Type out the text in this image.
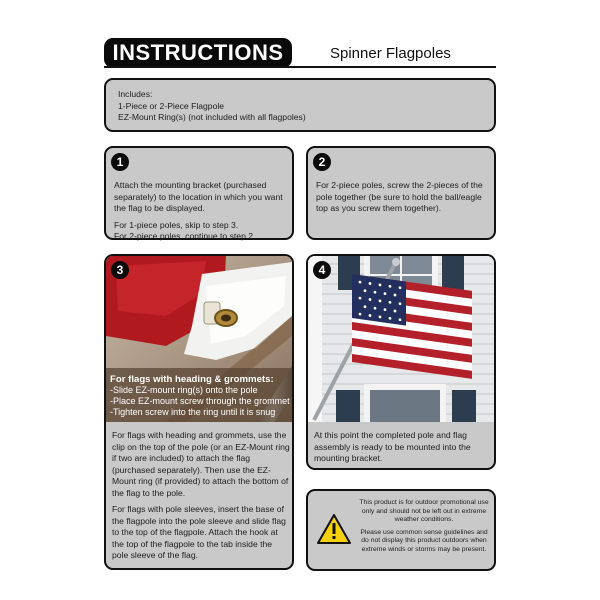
INSTRUCTIONS	Spinner Flagpoles
Includes:
1-Piece or 2-Piece Flagpole
EZ-Mount Ring(s) (not included with all flagpoles)
1

Attach the mounting bracket (purchased separately) to the location in which you want the flag to be displayed.

For 1-piece poles, skip to step 3.
For 2-piece poles, continue to step 2.

2

For 2-piece poles, screw the 2-pieces of the pole together (be sure to hold the ball/eagle top as you screw them together).

For flags with heading & grommets:
-Slide EZ-mount ring(s) onto the pole
-Place EZ-mount screw through the grommet
-Tighten screw into the ring until it is snug
3

For flags with heading and grommets, use the clip on the top of the pole (or an EZ-Mount ring if two are included) to attach the flag (purchased separately). Then use the EZ-Mount ring (if provided) to attach the bottom of the flag to the pole.

For flags with pole sleeves, insert the base of the flagpole into the pole sleeve and slide flag to the top of the flagpole. Attach the hook at the top of the flagpole to the tab inside the pole sleeve of the flag.

4

At this point the completed pole and flag assembly is ready to be mounted into the mounting bracket.

This product is for outdoor promotional use only and should not be left out in extreme weather conditions.

Please use common sense guidelines and do not display this product outdoors when extreme winds or storms may be present.
